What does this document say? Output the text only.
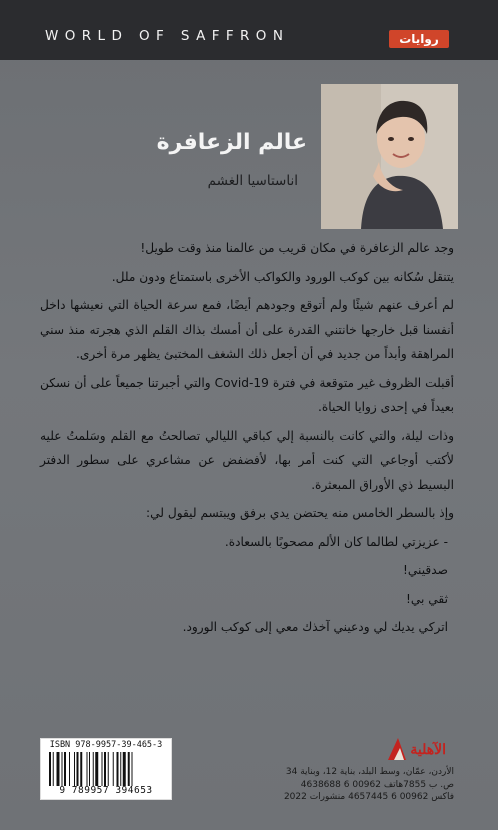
WORLD OF SAFFRON	روايات
عالم الزعافرة
اناستاسيا الغشم

وجد عالم الزعافرة في مكان قريب من عالمنا منذ وقت طويل!

يتنقل سُكانه بين كوكب الورود والكواكب الأخرى باستمتاع ودون ملل.

لم أعرف عنهم شيئًا ولم أتوقع وجودهم أيضًا، فمع سرعة الحياة التي نعيشها داخل أنفسنا قبل خارجها خانتني القدرة على أن أمسك بذاك القلم الذي هجرته منذ سني المراهقة وأبداً من جديد في أن أجعل ذلك الشغف المختبئ يظهر مرة أخرى.

أقبلت الظروف غير متوقعة في فترة Covid-19 والتي أجبرتنا جميعاً على أن نسكن بعيداً في إحدى زوايا الحياة.

وذات ليلة، والتي كانت بالنسبة إلي كباقي الليالي تصالحتُ مع القلم وسَلمتُ عليه لأكتب أوجاعي التي كنت أمر بها، لأفضفض عن مشاعري على سطور الدفتر البسيط ذي الأوراق المبعثرة.

وإذ بالسطر الخامس منه يحتضن يدي برفق ويبتسم ليقول لي:

- عزيزتي لطالما كان الألم مصحوبًا بالسعادة.

صدقيني!

ثقي بي!

اتركي يديك لي ودعيني آخذك معي إلى كوكب الورود.

ISBN 978-9957-39-465-3
9 789957 394653
الآهلية
الأردن، عمّان، وسط البلد، بناية 12، وبناية 34
ص. ب 7855هاتف 00962 6 4638688
فاكس 00962 6 4657445 منشورات 2022
